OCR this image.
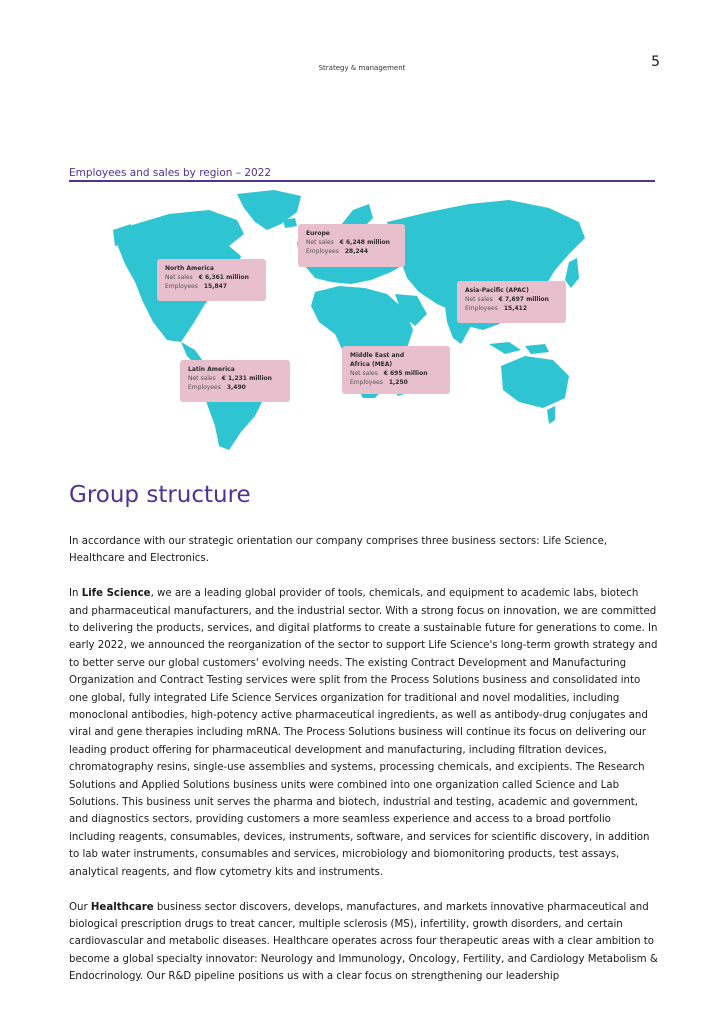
5
Strategy & management
Employees and sales by region – 2022
Europe
Net sales € 6,248 million
Employees 28,244
North America
Net sales € 6,361 million
Employees 15,847
Asia-Pacific (APAC)
Net sales € 7,697 million
Employees 15,412
Latin America
Net sales € 1,231 million
Employees 3,490
Middle East and
Africa (MEA)
Net sales € 695 million
Employees 1,250
Group structure

In accordance with our strategic orientation our company comprises three business sectors: Life Science, Healthcare and Electronics.

In Life Science, we are a leading global provider of tools, chemicals, and equipment to academic labs, biotech and pharmaceutical manufacturers, and the industrial sector. With a strong focus on innovation, we are committed to delivering the products, services, and digital platforms to create a sustainable future for generations to come. In early 2022, we announced the reorganization of the sector to support Life Science's long-term growth strategy and to better serve our global customers' evolving needs. The existing Contract Development and Manufacturing Organization and Contract Testing services were split from the Process Solutions business and consolidated into one global, fully integrated Life Science Services organization for traditional and novel modalities, including monoclonal antibodies, high-potency active pharmaceutical ingredients, as well as antibody-drug conjugates and viral and gene therapies including mRNA. The Process Solutions business will continue its focus on delivering our leading product offering for pharmaceutical development and manufacturing, including filtration devices, chromatography resins, single-use assemblies and systems, processing chemicals, and excipients. The Research Solutions and Applied Solutions business units were combined into one organization called Science and Lab Solutions. This business unit serves the pharma and biotech, industrial and testing, academic and government, and diagnostics sectors, providing customers a more seamless experience and access to a broad portfolio including reagents, consumables, devices, instruments, software, and services for scientific discovery, in addition to lab water instruments, consumables and services, microbiology and biomonitoring products, test assays, analytical reagents, and flow cytometry kits and instruments.

Our Healthcare business sector discovers, develops, manufactures, and markets innovative pharmaceutical and biological prescription drugs to treat cancer, multiple sclerosis (MS), infertility, growth disorders, and certain cardiovascular and metabolic diseases. Healthcare operates across four therapeutic areas with a clear ambition to become a global specialty innovator: Neurology and Immunology, Oncology, Fertility, and Cardiology Metabolism & Endocrinology. Our R&D pipeline positions us with a clear focus on strengthening our leadership
